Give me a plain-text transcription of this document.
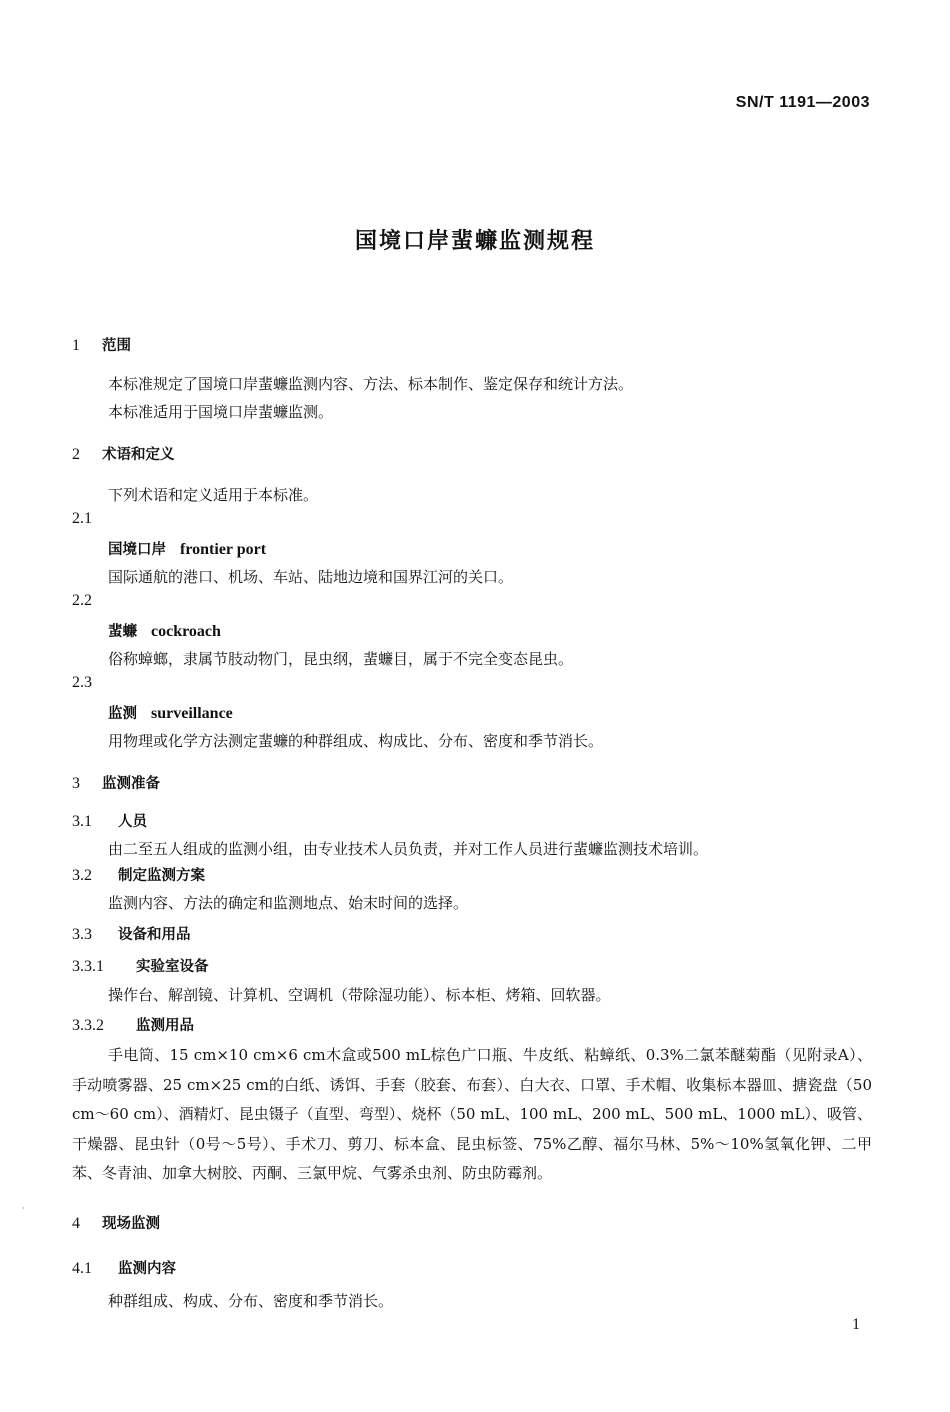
SN/T 1191—2003
国境口岸蜚蠊监测规程
1 范围
本标准规定了国境口岸蜚蠊监测内容、方法、标本制作、鉴定保存和统计方法。
本标准适用于国境口岸蜚蠊监测。
2 术语和定义
下列术语和定义适用于本标准。
2.1
国境口岸 frontier port
国际通航的港口、机场、车站、陆地边境和国界江河的关口。
2.2
蜚蠊 cockroach
俗称蟑螂，隶属节肢动物门，昆虫纲，蜚蠊目，属于不完全变态昆虫。
2.3
监测 surveillance
用物理或化学方法测定蜚蠊的种群组成、构成比、分布、密度和季节消长。
3 监测准备
3.1 人员
由二至五人组成的监测小组，由专业技术人员负责，并对工作人员进行蜚蠊监测技术培训。
3.2 制定监测方案
监测内容、方法的确定和监测地点、始末时间的选择。
3.3 设备和用品
3.3.1 实验室设备
操作台、解剖镜、计算机、空调机（带除湿功能）、标本柜、烤箱、回软器。
3.3.2 监测用品
手电筒、15 cm×10 cm×6 cm木盒或500 mL棕色广口瓶、牛皮纸、粘蟑纸、0.3%二氯苯醚菊酯（见附录A）、手动喷雾器、25 cm×25 cm的白纸、诱饵、手套（胶套、布套）、白大衣、口罩、手术帽、收集标本器皿、搪瓷盘（50 cm～60 cm）、酒精灯、昆虫镊子（直型、弯型）、烧杯（50 mL、100 mL、200 mL、500 mL、1000 mL）、吸管、干燥器、昆虫针（0号～5号）、手术刀、剪刀、标本盒、昆虫标签、75%乙醇、福尔马林、5%～10%氢氧化钾、二甲苯、冬青油、加拿大树胶、丙酮、三氯甲烷、气雾杀虫剂、防虫防霉剂。
4 现场监测
4.1 监测内容
种群组成、构成、分布、密度和季节消长。
·
1
